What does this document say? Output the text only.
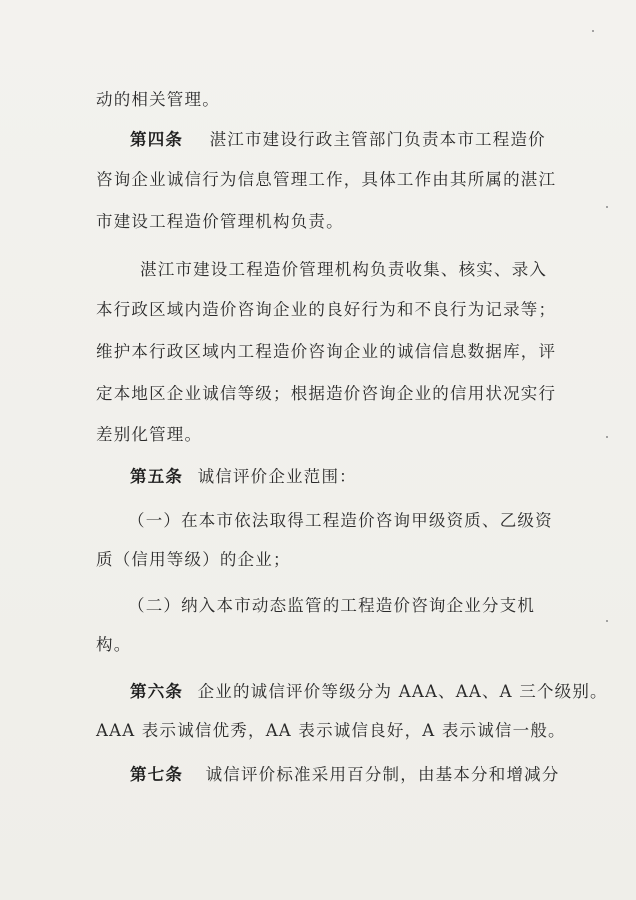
动的相关管理。
第四条 湛江市建设行政主管部门负责本市工程造价
咨询企业诚信行为信息管理工作，具体工作由其所属的湛江
市建设工程造价管理机构负责。
湛江市建设工程造价管理机构负责收集、核实、录入
本行政区域内造价咨询企业的良好行为和不良行为记录等；
维护本行政区域内工程造价咨询企业的诚信信息数据库，评
定本地区企业诚信等级；根据造价咨询企业的信用状况实行
差别化管理。
第五条 诚信评价企业范围：
（一）在本市依法取得工程造价咨询甲级资质、乙级资
质（信用等级）的企业；
（二）纳入本市动态监管的工程造价咨询企业分支机
构。
第六条 企业的诚信评价等级分为 AAA、AA、A 三个级别。
AAA 表示诚信优秀，AA 表示诚信良好，A 表示诚信一般。
第七条 诚信评价标准采用百分制，由基本分和增减分
